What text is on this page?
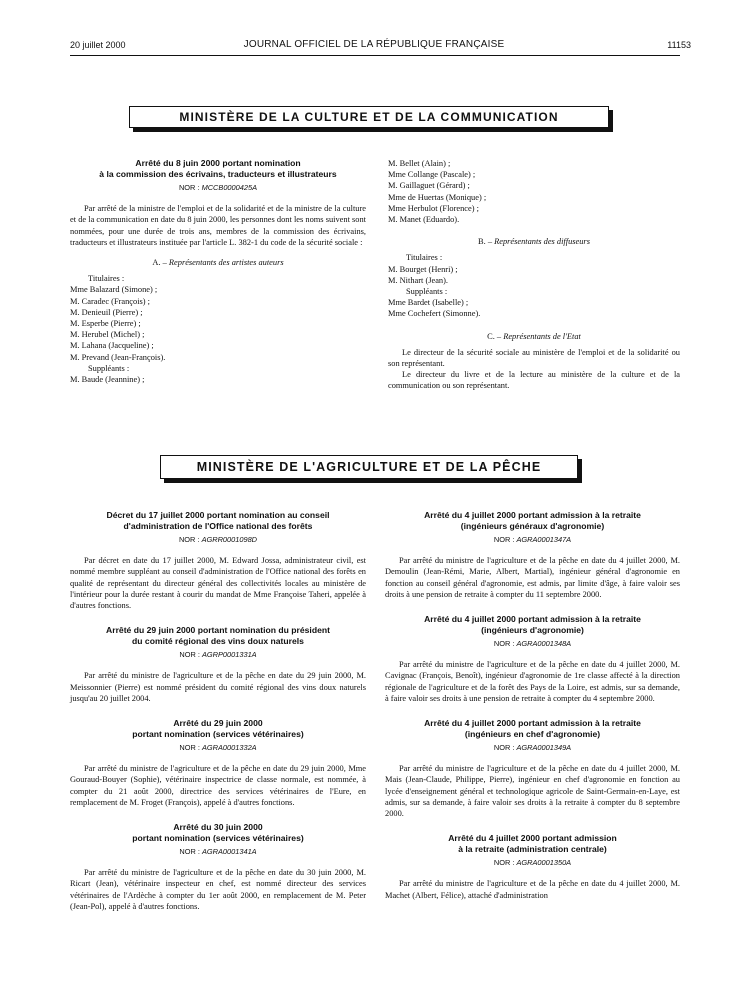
20 juillet 2000	JOURNAL OFFICIEL DE LA RÉPUBLIQUE FRANÇAISE	11153
MINISTÈRE DE LA CULTURE ET DE LA COMMUNICATION
Arrêté du 8 juin 2000 portant nomination
à la commission des écrivains, traducteurs et illustrateurs
NOR : MCCB0000425A

Par arrêté de la ministre de l'emploi et de la solidarité et de la ministre de la culture et de la communication en date du 8 juin 2000, les personnes dont les noms suivent sont nommées, pour une durée de trois ans, membres de la commission des écrivains, traducteurs et illustrateurs instituée par l'article L. 382-1 du code de la sécurité sociale :

A. – Représentants des artistes auteurs
Titulaires :
Mme Balazard (Simone) ;
M. Caradec (François) ;
M. Denieuil (Pierre) ;
M. Esperbe (Pierre) ;
M. Herubel (Michel) ;
M. Lahana (Jacqueline) ;
M. Prevand (Jean-François).
Suppléants :
M. Baude (Jeannine) ;
M. Bellet (Alain) ;
Mme Collange (Pascale) ;
M. Gaillaguet (Gérard) ;
Mme de Huertas (Monique) ;
Mme Herbulot (Florence) ;
M. Manet (Eduardo).
B. – Représentants des diffuseurs
Titulaires :
M. Bourget (Henri) ;
M. Nithart (Jean).
Suppléants :
Mme Bardet (Isabelle) ;
Mme Cochefert (Simonne).
C. – Représentants de l'Etat

Le directeur de la sécurité sociale au ministère de l'emploi et de la solidarité ou son représentant.

Le directeur du livre et de la lecture au ministère de la culture et de la communication ou son représentant.

MINISTÈRE DE L'AGRICULTURE ET DE LA PÊCHE
Décret du 17 juillet 2000 portant nomination au conseil
d'administration de l'Office national des forêts
NOR : AGRR0001098D

Par décret en date du 17 juillet 2000, M. Edward Jossa, administrateur civil, est nommé membre suppléant au conseil d'administration de l'Office national des forêts en qualité de représentant du directeur général des collectivités locales au ministère de l'intérieur pour la durée restant à courir du mandat de Mme Françoise Taheri, appelée à d'autres fonctions.

Arrêté du 29 juin 2000 portant nomination du président
du comité régional des vins doux naturels
NOR : AGRP0001331A

Par arrêté du ministre de l'agriculture et de la pêche en date du 29 juin 2000, M. Meissonnier (Pierre) est nommé président du comité régional des vins doux naturels jusqu'au 20 juillet 2004.

Arrêté du 29 juin 2000
portant nomination (services vétérinaires)
NOR : AGRA0001332A

Par arrêté du ministre de l'agriculture et de la pêche en date du 29 juin 2000, Mme Gouraud-Bouyer (Sophie), vétérinaire inspectrice de classe normale, est nommée, à compter du 21 août 2000, directrice des services vétérinaires de l'Eure, en remplacement de M. Froget (François), appelé à d'autres fonctions.

Arrêté du 30 juin 2000
portant nomination (services vétérinaires)
NOR : AGRA0001341A

Par arrêté du ministre de l'agriculture et de la pêche en date du 30 juin 2000, M. Ricart (Jean), vétérinaire inspecteur en chef, est nommé directeur des services vétérinaires de l'Ardèche à compter du 1er août 2000, en remplacement de M. Peter (Jean-Pol), appelé à d'autres fonctions.

Arrêté du 4 juillet 2000 portant admission à la retraite
(ingénieurs généraux d'agronomie)
NOR : AGRA0001347A

Par arrêté du ministre de l'agriculture et de la pêche en date du 4 juillet 2000, M. Demoulin (Jean-Rémi, Marie, Albert, Martial), ingénieur général d'agronomie en fonction au conseil général d'agronomie, est admis, par limite d'âge, à faire valoir ses droits à une pension de retraite à compter du 11 septembre 2000.

Arrêté du 4 juillet 2000 portant admission à la retraite
(ingénieurs d'agronomie)
NOR : AGRA0001348A

Par arrêté du ministre de l'agriculture et de la pêche en date du 4 juillet 2000, M. Cavignac (François, Benoît), ingénieur d'agronomie de 1re classe affecté à la direction régionale de l'agriculture et de la forêt des Pays de la Loire, est admis, sur sa demande, à faire valoir ses droits à une pension de retraite à compter du 4 septembre 2000.

Arrêté du 4 juillet 2000 portant admission à la retraite
(ingénieurs en chef d'agronomie)
NOR : AGRA0001349A

Par arrêté du ministre de l'agriculture et de la pêche en date du 4 juillet 2000, M. Mais (Jean-Claude, Philippe, Pierre), ingénieur en chef d'agronomie en fonction au lycée d'enseignement général et technologique agricole de Saint-Germain-en-Laye, est admis, sur sa demande, à faire valoir ses droits à la retraite à compter du 8 septembre 2000.

Arrêté du 4 juillet 2000 portant admission
à la retraite (administration centrale)
NOR : AGRA0001350A

Par arrêté du ministre de l'agriculture et de la pêche en date du 4 juillet 2000, M. Machet (Albert, Félice), attaché d'administration
